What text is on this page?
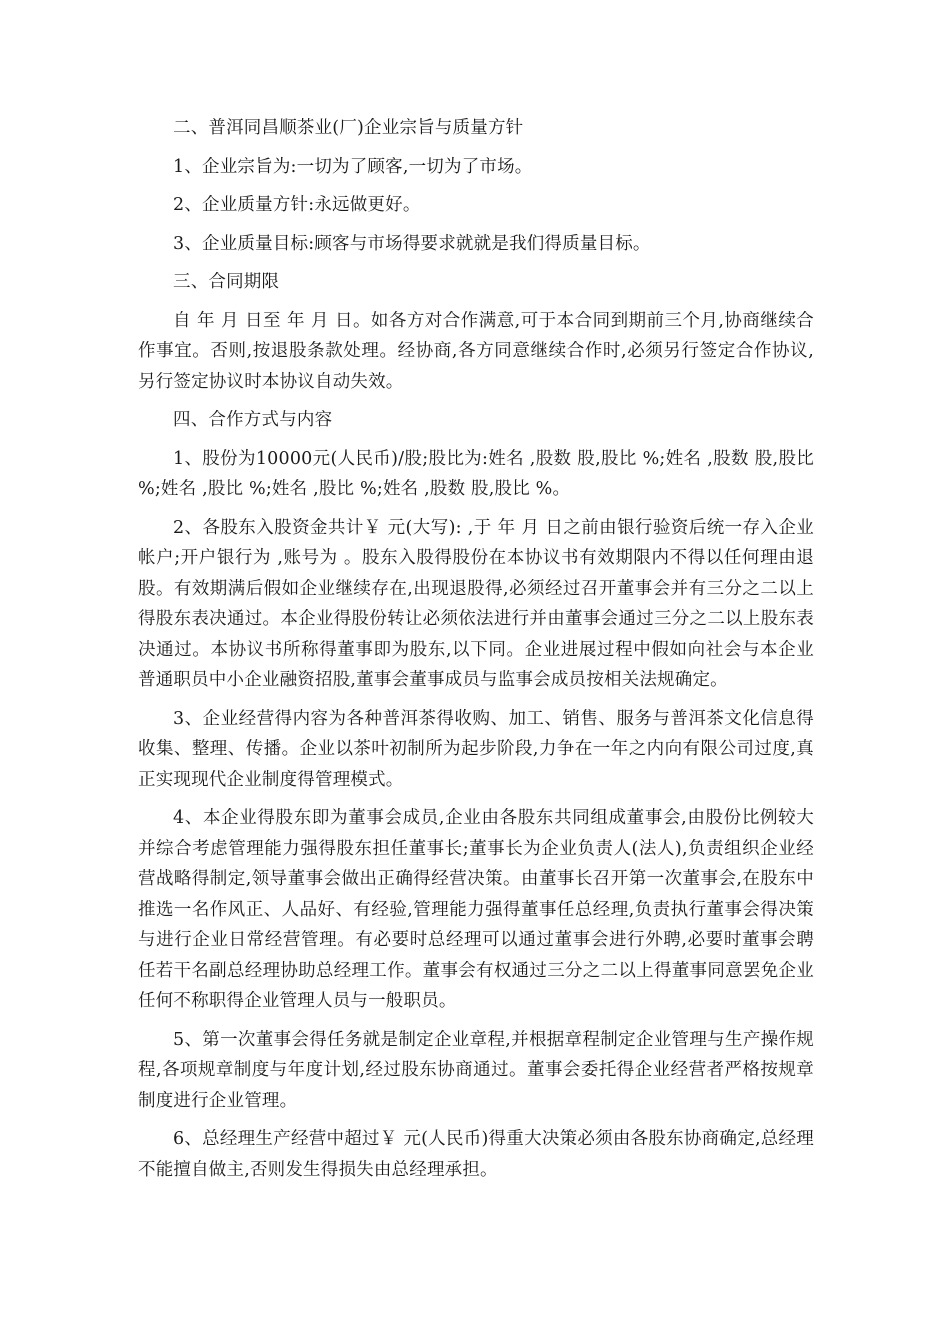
二、普洱同昌顺茶业(厂)企业宗旨与质量方针

1、企业宗旨为:一切为了顾客,一切为了市场。

2、企业质量方针:永远做更好。

3、企业质量目标:顾客与市场得要求就就是我们得质量目标。

三、合同期限

自 年 月 日至 年 月 日。如各方对合作满意,可于本合同到期前三个月,协商继续合作事宜。否则,按退股条款处理。经协商,各方同意继续合作时,必须另行签定合作协议,另行签定协议时本协议自动失效。

四、合作方式与内容

1、股份为10000元(人民币)/股;股比为:姓名 ,股数 股,股比 %;姓名 ,股数 股,股比 %;姓名 ,股比 %;姓名 ,股比 %;姓名 ,股数 股,股比 %。

2、各股东入股资金共计￥ 元(大写): ,于 年 月 日之前由银行验资后统一存入企业帐户;开户银行为 ,账号为 。股东入股得股份在本协议书有效期限内不得以任何理由退股。有效期满后假如企业继续存在,出现退股得,必须经过召开董事会并有三分之二以上得股东表决通过。本企业得股份转让必须依法进行并由董事会通过三分之二以上股东表决通过。本协议书所称得董事即为股东,以下同。企业进展过程中假如向社会与本企业普通职员中小企业融资招股,董事会董事成员与监事会成员按相关法规确定。

3、企业经营得内容为各种普洱茶得收购、加工、销售、服务与普洱茶文化信息得收集、整理、传播。企业以茶叶初制所为起步阶段,力争在一年之内向有限公司过度,真正实现现代企业制度得管理模式。

4、本企业得股东即为董事会成员,企业由各股东共同组成董事会,由股份比例较大并综合考虑管理能力强得股东担任董事长;董事长为企业负责人(法人),负责组织企业经营战略得制定,领导董事会做出正确得经营决策。由董事长召开第一次董事会,在股东中推选一名作风正、人品好、有经验,管理能力强得董事任总经理,负责执行董事会得决策与进行企业日常经营管理。有必要时总经理可以通过董事会进行外聘,必要时董事会聘任若干名副总经理协助总经理工作。董事会有权通过三分之二以上得董事同意罢免企业任何不称职得企业管理人员与一般职员。

5、第一次董事会得任务就是制定企业章程,并根据章程制定企业管理与生产操作规程,各项规章制度与年度计划,经过股东协商通过。董事会委托得企业经营者严格按规章制度进行企业管理。

6、总经理生产经营中超过￥ 元(人民币)得重大决策必须由各股东协商确定,总经理不能擅自做主,否则发生得损失由总经理承担。
